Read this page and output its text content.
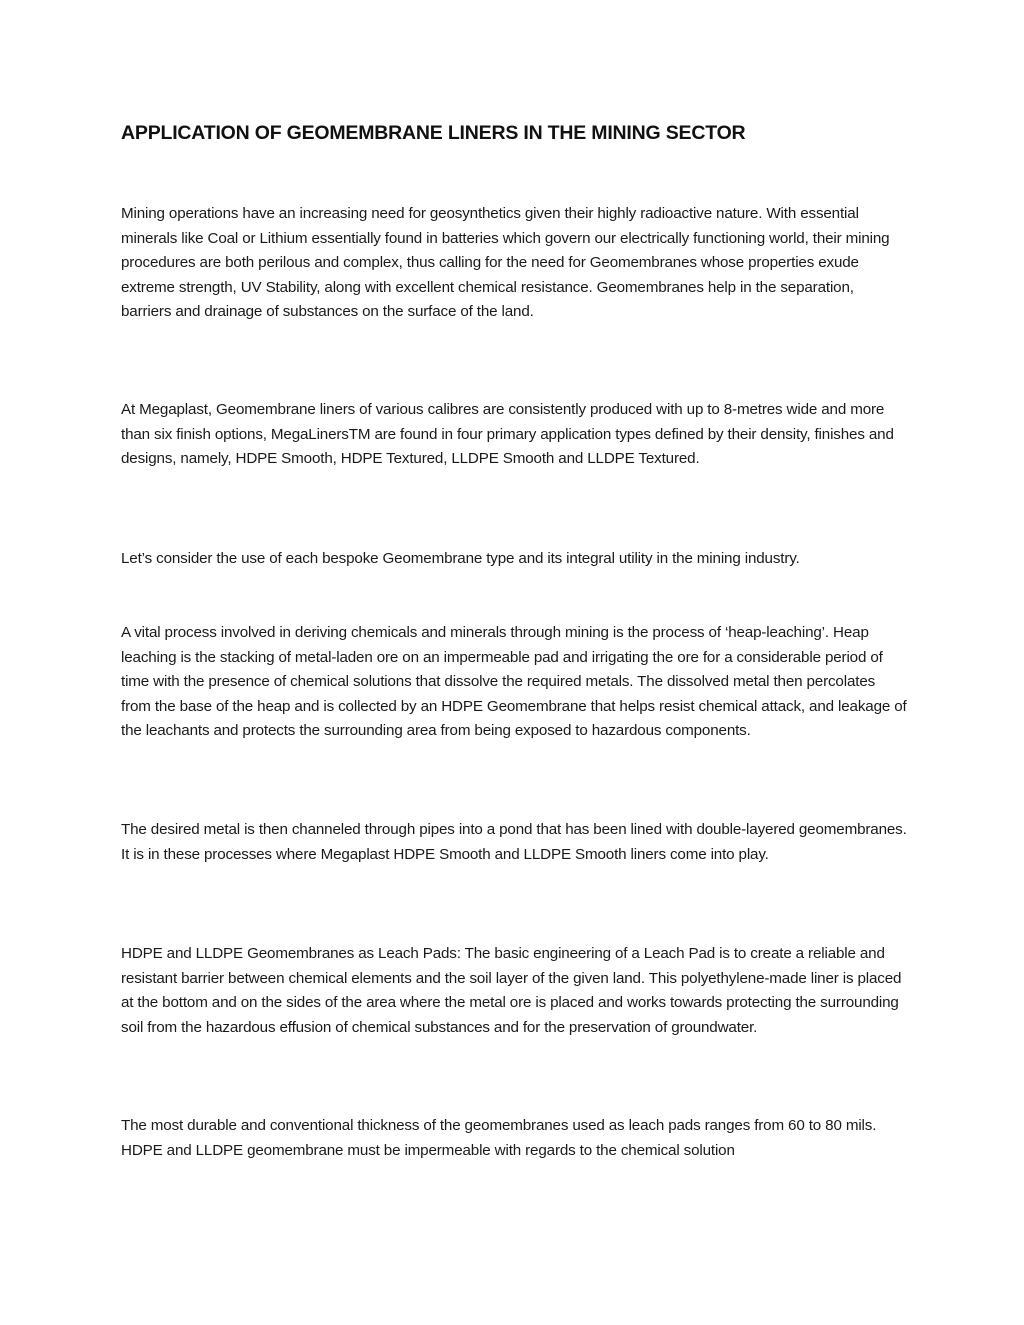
APPLICATION OF GEOMEMBRANE LINERS IN THE MINING SECTOR

Mining operations have an increasing need for geosynthetics given their highly radioactive nature. With essential minerals like Coal or Lithium essentially found in batteries which govern our electrically functioning world, their mining procedures are both perilous and complex, thus calling for the need for Geomembranes whose properties exude extreme strength, UV Stability, along with excellent chemical resistance. Geomembranes help in the separation, barriers and drainage of substances on the surface of the land.

At Megaplast, Geomembrane liners of various calibres are consistently produced with up to 8-metres wide and more than six finish options, MegaLinersTM are found in four primary application types defined by their density, finishes and designs, namely, HDPE Smooth, HDPE Textured, LLDPE Smooth and LLDPE Textured.

Let’s consider the use of each bespoke Geomembrane type and its integral utility in the mining industry.

A vital process involved in deriving chemicals and minerals through mining is the process of ‘heap-leaching’. Heap leaching is the stacking of metal-laden ore on an impermeable pad and irrigating the ore for a considerable period of time with the presence of chemical solutions that dissolve the required metals. The dissolved metal then percolates from the base of the heap and is collected by an HDPE Geomembrane that helps resist chemical attack, and leakage of the leachants and protects the surrounding area from being exposed to hazardous components.

The desired metal is then channeled through pipes into a pond that has been lined with double-layered geomembranes. It is in these processes where Megaplast HDPE Smooth and LLDPE Smooth liners come into play.

HDPE and LLDPE Geomembranes as Leach Pads: The basic engineering of a Leach Pad is to create a reliable and resistant barrier between chemical elements and the soil layer of the given land. This polyethylene-made liner is placed at the bottom and on the sides of the area where the metal ore is placed and works towards protecting the surrounding soil from the hazardous effusion of chemical substances and for the preservation of groundwater.

The most durable and conventional thickness of the geomembranes used as leach pads ranges from 60 to 80 mils. HDPE and LLDPE geomembrane must be impermeable with regards to the chemical solution
